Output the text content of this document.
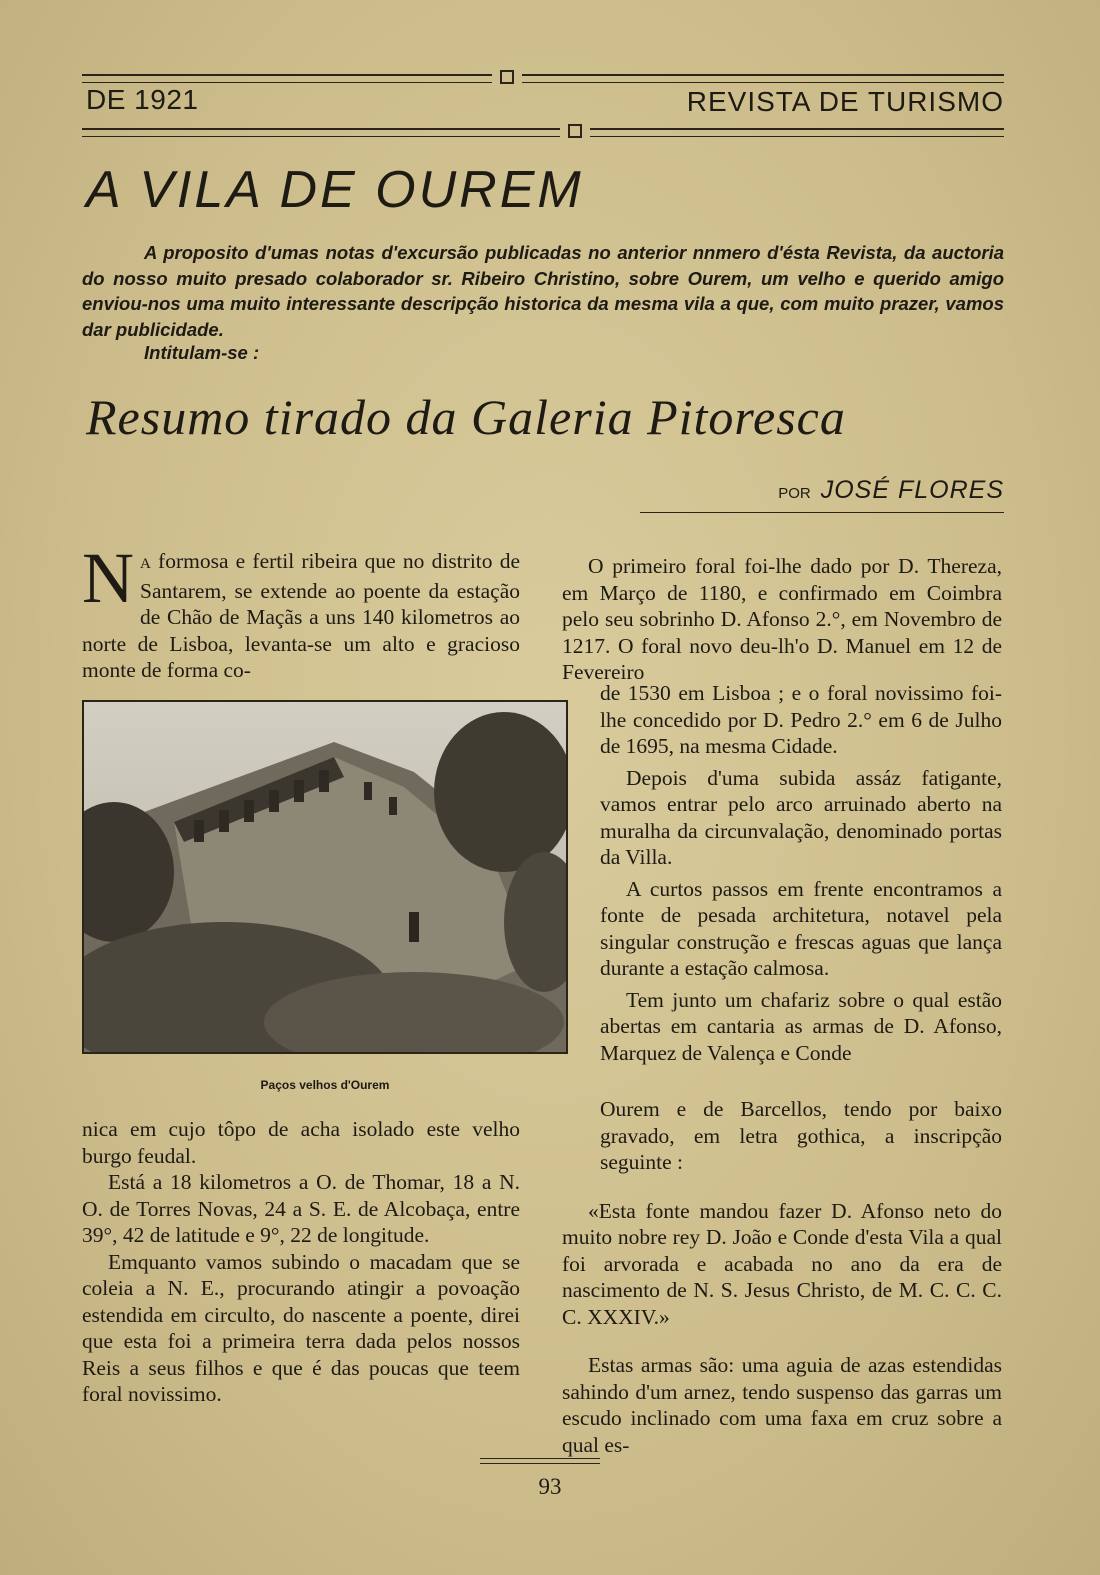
DE 1921	REVISTA DE TURISMO
A VILA DE OUREM
A proposito d'umas notas d'excursão publicadas no anterior nnmero d'ésta Revista, da auctoria do nosso muito presado colaborador sr. Ribeiro Christino, sobre Ourem, um velho e querido amigo enviou-nos uma muito interessante descripção historica da mesma vila a que, com muito prazer, vamos dar publicidade.
Intitulam-se :
Resumo tirado da Galeria Pitoresca
POR JOSÉ FLORES

N A formosa e fertil ribeira que no distrito de Santarem, se extende ao poente da estação de Chão de Maçãs a uns 140 kilometros ao norte de Lisboa, levanta-se um alto e gracioso monte de forma co-

Paços velhos d'Ourem

nica em cujo tôpo de acha isolado este velho burgo feudal.

Está a 18 kilometros a O. de Thomar, 18 a N. O. de Torres Novas, 24 a S. E. de Alcobaça, entre 39°, 42 de latitude e 9°, 22 de longitude.

Emquanto vamos subindo o macadam que se coleia a N. E., procurando atingir a povoação estendida em circulto, do nascente a poente, direi que esta foi a primeira terra dada pelos nossos Reis a seus filhos e que é das poucas que teem foral novissimo.

O primeiro foral foi-lhe dado por D. Thereza, em Março de 1180, e confirmado em Coimbra pelo seu sobrinho D. Afonso 2.°, em Novembro de 1217. O foral novo deu-lh'o D. Manuel em 12 de Fevereiro

de 1530 em Lisboa ; e o foral novissimo foi-lhe concedido por D. Pedro 2.° em 6 de Julho de 1695, na mesma Cidade.

Depois d'uma subida assáz fatigante, vamos entrar pelo arco arruinado aberto na muralha da circunvalação, denominado portas da Villa.

A curtos passos em frente encontramos a fonte de pesada architetura, notavel pela singular construção e frescas aguas que lança durante a estação calmosa.

Tem junto um chafariz sobre o qual estão abertas em cantaria as armas de D. Afonso, Marquez de Valença e Conde

Ourem e de Barcellos, tendo por baixo gravado, em letra gothica, a inscripção seguinte :

«Esta fonte mandou fazer D. Afonso neto do muito nobre rey D. João e Conde d'esta Vila a qual foi arvorada e acabada no ano da era de nascimento de N. S. Jesus Christo, de M. C. C. C. C. XXXIV.»

Estas armas são: uma aguia de azas estendidas sahindo d'um arnez, tendo suspenso das garras um escudo inclinado com uma faxa em cruz sobre a qual es-

93
